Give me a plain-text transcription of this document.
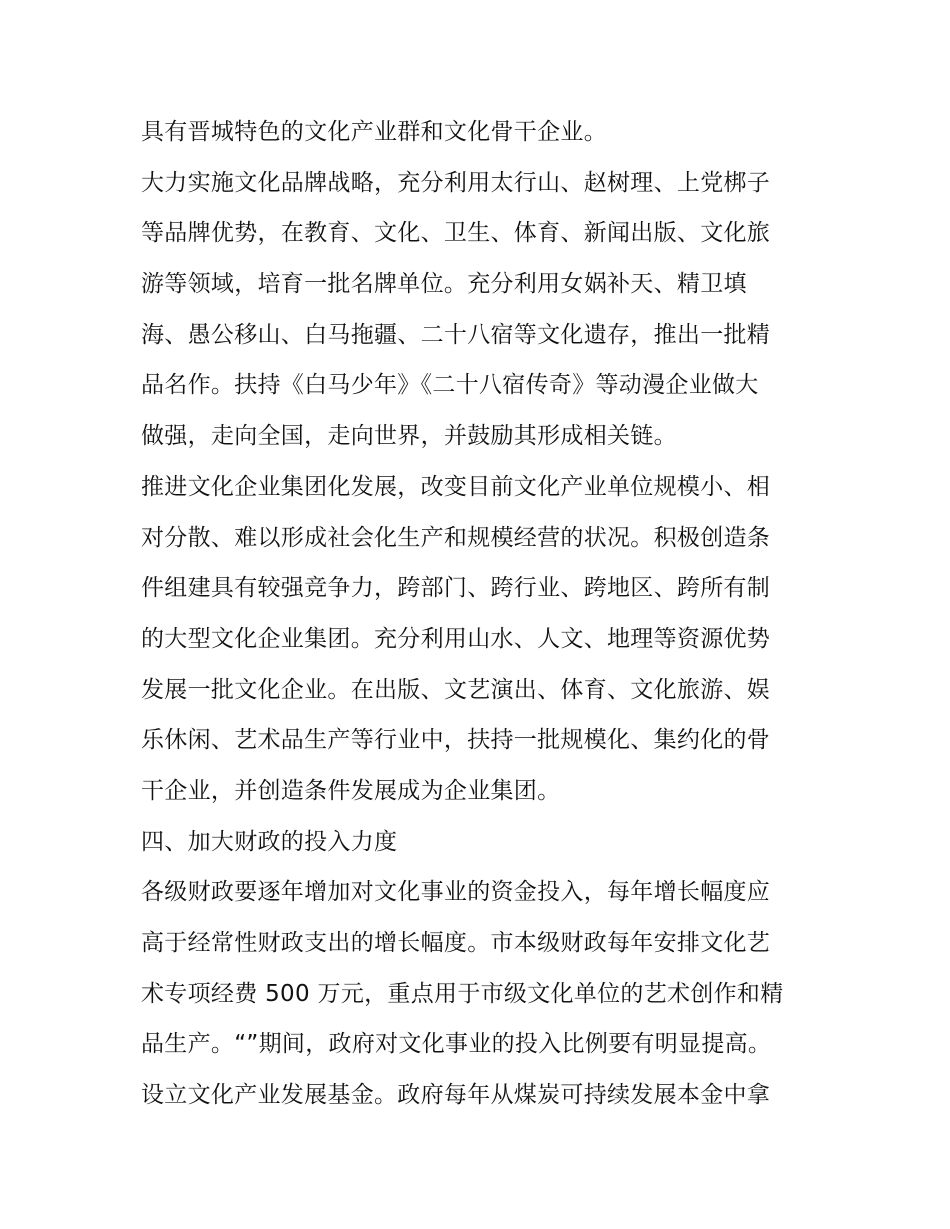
具有晋城特色的文化产业群和文化骨干企业。
大力实施文化品牌战略，充分利用太行山、赵树理、上党梆子
等品牌优势，在教育、文化、卫生、体育、新闻出版、文化旅
游等领域，培育一批名牌单位。充分利用女娲补天、精卫填
海、愚公移山、白马拖疆、二十八宿等文化遗存，推出一批精
品名作。扶持《白马少年》《二十八宿传奇》等动漫企业做大
做强，走向全国，走向世界，并鼓励其形成相关链。
推进文化企业集团化发展，改变目前文化产业单位规模小、相
对分散、难以形成社会化生产和规模经营的状况。积极创造条
件组建具有较强竞争力，跨部门、跨行业、跨地区、跨所有制
的大型文化企业集团。充分利用山水、人文、地理等资源优势
发展一批文化企业。在出版、文艺演出、体育、文化旅游、娱
乐休闲、艺术品生产等行业中，扶持一批规模化、集约化的骨
干企业，并创造条件发展成为企业集团。
四、加大财政的投入力度
各级财政要逐年增加对文化事业的资金投入，每年增长幅度应
高于经常性财政支出的增长幅度。市本级财政每年安排文化艺
术专项经费 500 万元，重点用于市级文化单位的艺术创作和精
品生产。“”期间，政府对文化事业的投入比例要有明显提高。
设立文化产业发展基金。政府每年从煤炭可持续发展本金中拿
